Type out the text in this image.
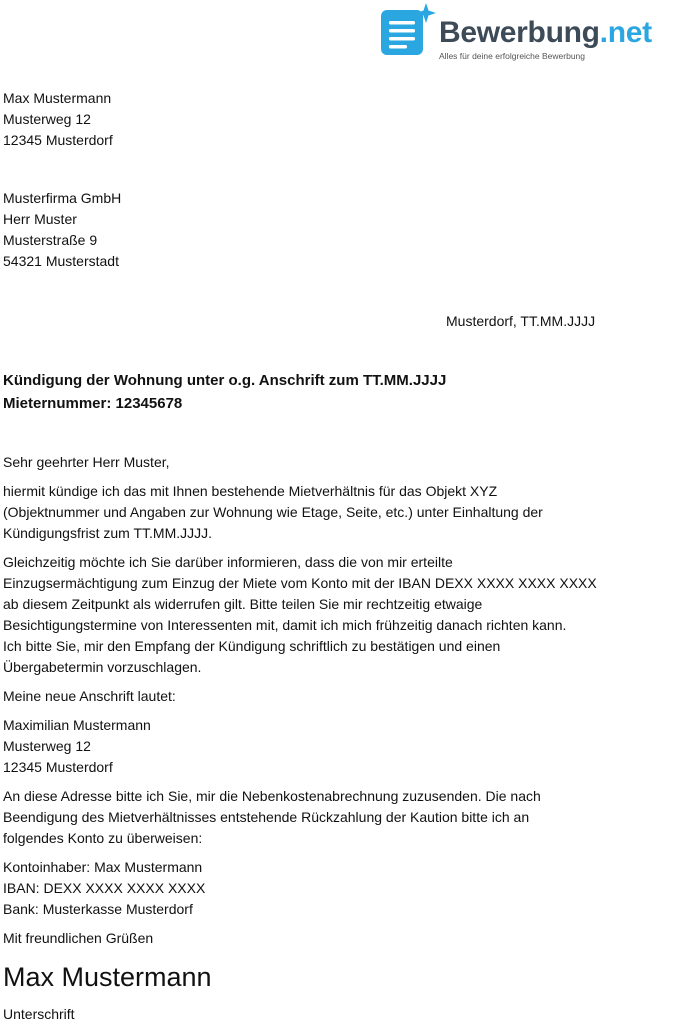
Bewerbung.net
Alles für deine erfolgreiche Bewerbung
Max Mustermann
Musterweg 12
12345 Musterdorf
Musterfirma GmbH
Herr Muster
Musterstraße 9
54321 Musterstadt
Kündigung der Wohnung unter o.g. Anschrift zum TT.MM.JJJJ
Mieternummer: 12345678
Sehr geehrter Herr Muster,
hiermit kündige ich das mit Ihnen bestehende Mietverhältnis für das Objekt XYZ
(Objektnummer und Angaben zur Wohnung wie Etage, Seite, etc.) unter Einhaltung der
Kündigungsfrist zum TT.MM.JJJJ.
Gleichzeitig möchte ich Sie darüber informieren, dass die von mir erteilte
Einzugsermächtigung zum Einzug der Miete vom Konto mit der IBAN DEXX XXXX XXXX XXXX
ab diesem Zeitpunkt als widerrufen gilt. Bitte teilen Sie mir rechtzeitig etwaige
Besichtigungstermine von Interessenten mit, damit ich mich frühzeitig danach richten kann.
Ich bitte Sie, mir den Empfang der Kündigung schriftlich zu bestätigen und einen
Übergabetermin vorzuschlagen.
Meine neue Anschrift lautet:
Maximilian Mustermann
Musterweg 12
12345 Musterdorf
An diese Adresse bitte ich Sie, mir die Nebenkostenabrechnung zuzusenden. Die nach
Beendigung des Mietverhältnisses entstehende Rückzahlung der Kaution bitte ich an
folgendes Konto zu überweisen:
Kontoinhaber: Max Mustermann
IBAN: DEXX XXXX XXXX XXXX
Bank: Musterkasse Musterdorf
Mit freundlichen Grüßen
Max Mustermann
Unterschrift
Musterdorf, TT.MM.JJJJ
